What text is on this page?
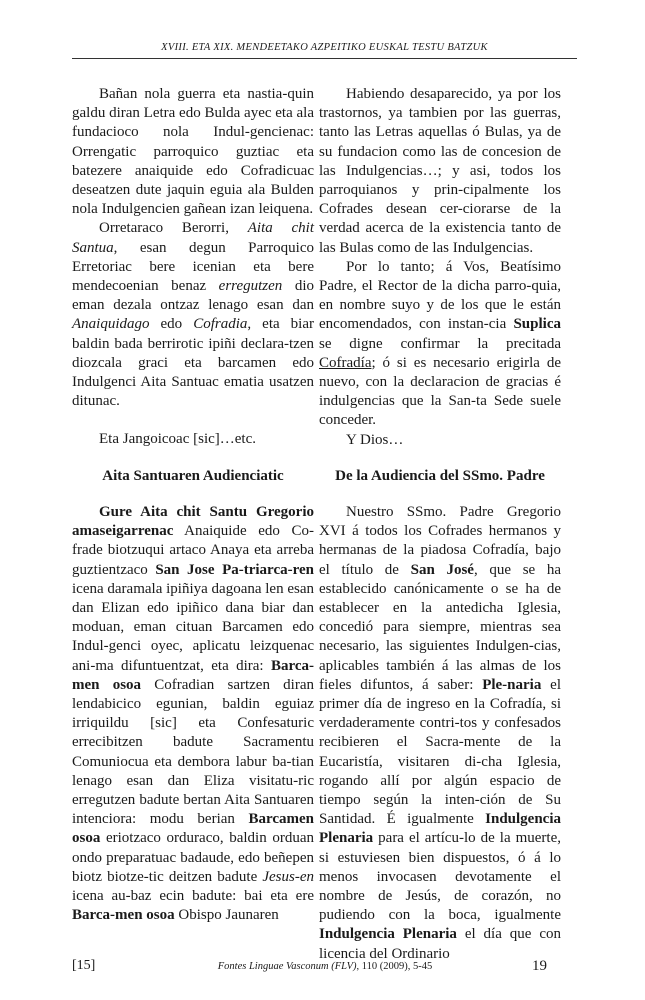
XVIII. ETA XIX. MENDEETAKO AZPEITIKO EUSKAL TESTU BATZUK

Bañan nola guerra eta nastia-quin galdu diran Letra edo Bulda ayec eta ala fundacioco nola Indul-gencienac: Orrengatic parroquico guztiac eta batezere anaiquide edo Cofradicuac deseatzen dute jaquin eguia ala Bulden nola Indulgencien gañean izan leiquena.

Orretaraco Berorri, Aita chit Santua, esan degun Parroquico Erretoriac bere icenian eta bere mendecoenian benaz erregutzen dio eman dezala ontzaz lenago esan dan Anaiquidago edo Cofradia, eta biar baldin bada berrirotic ipiñi declara-tzen diozcala graci eta barcamen edo Indulgenci Aita Santuac ematia usatzen ditunac.

Eta Jangoicoac [sic]…etc.

Habiendo desaparecido, ya por los trastornos, ya tambien por las guerras, tanto las Letras aquellas ó Bulas, ya de su fundacion como las de concesion de las Indulgencias…; y asi, todos los parroquianos y prin-cipalmente los Cofrades desean cer-ciorarse de la verdad acerca de la existencia tanto de las Bulas como de las Indulgencias.

Por lo tanto; á Vos, Beatísimo Padre, el Rector de la dicha parro-quia, en nombre suyo y de los que le están encomendados, con instan-cia Suplica se digne confirmar la precitada Cofradía; ó si es necesario erigirla de nuevo, con la declaracion de gracias é indulgencias que la San-ta Sede suele conceder.

Y Dios…

Aita Santuaren Audienciatic	De la Audiencia del SSmo. Padre

Gure Aita chit Santu Gregorio amaseigarrenac Anaiquide edo Co-frade biotzuqui artaco Anaya eta arreba guztientzaco San Jose Pa-triarca-ren icena daramala ipiñiya dagoana len esan dan Elizan edo ipiñico dana biar dan moduan, eman cituan Barcamen edo Indul-genci oyec, aplicatu leizquenac ani-ma difuntuentzat, eta dira: Barca-men osoa Cofradian sartzen diran lendabicico egunian, baldin eguiaz irriquildu [sic] eta Confesaturic errecibitzen badute Sacramentu Comuniocua eta dembora labur ba-tian lenago esan dan Eliza visitatu-ric erregutzen badute bertan Aita Santuaren intenciora: modu berian Barcamen osoa eriotzaco orduraco, baldin orduan ondo preparatuac badaude, edo beñepen biotz biotze-tic deitzen badute Jesus-en icena au-baz ecin badute: bai eta ere Barca-men osoa Obispo Jaunaren

Nuestro SSmo. Padre Gregorio XVI á todos los Cofrades hermanos y hermanas de la piadosa Cofradía, bajo el título de San José, que se ha establecido canónicamente o se ha de establecer en la antedicha Iglesia, concedió para siempre, mientras sea necesario, las siguientes Indulgen-cias, aplicables también á las almas de los fieles difuntos, á saber: Ple-naria el primer día de ingreso en la Cofradía, si verdaderamente contri-tos y confesados recibieren el Sacra-mente de la Eucaristía, visitaren di-cha Iglesia, rogando allí por algún espacio de tiempo según la inten-ción de Su Santidad. É igualmente Indulgencia Plenaria para el artícu-lo de la muerte, si estuviesen bien dispuestos, ó á lo menos invocasen devotamente el nombre de Jesús, de corazón, no pudiendo con la boca, igualmente Indulgencia Plenaria el día que con licencia del Ordinario

[15]	Fontes Linguae Vasconum (FLV), 110 (2009), 5-45	19
